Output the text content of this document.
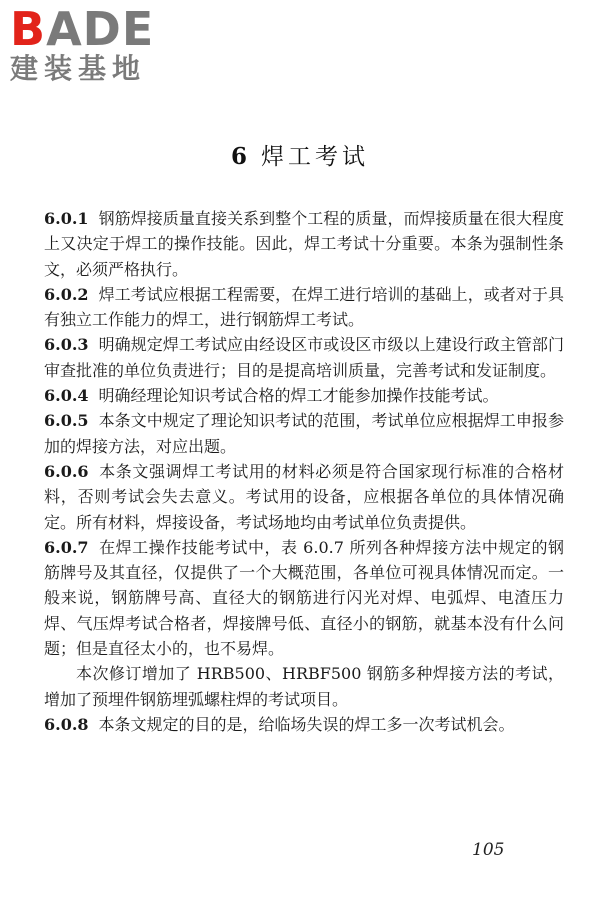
BADE
建装基地
6 焊工考试

6.0.1 钢筋焊接质量直接关系到整个工程的质量，而焊接质量在很大程度上又决定于焊工的操作技能。因此，焊工考试十分重要。本条为强制性条文，必须严格执行。

6.0.2 焊工考试应根据工程需要，在焊工进行培训的基础上，或者对于具有独立工作能力的焊工，进行钢筋焊工考试。

6.0.3 明确规定焊工考试应由经设区市或设区市级以上建设行政主管部门审查批准的单位负责进行；目的是提高培训质量，完善考试和发证制度。

6.0.4 明确经理论知识考试合格的焊工才能参加操作技能考试。

6.0.5 本条文中规定了理论知识考试的范围，考试单位应根据焊工申报参加的焊接方法，对应出题。

6.0.6 本条文强调焊工考试用的材料必须是符合国家现行标准的合格材料，否则考试会失去意义。考试用的设备，应根据各单位的具体情况确定。所有材料，焊接设备，考试场地均由考试单位负责提供。

6.0.7 在焊工操作技能考试中，表 6.0.7 所列各种焊接方法中规定的钢筋牌号及其直径，仅提供了一个大概范围，各单位可视具体情况而定。一般来说，钢筋牌号高、直径大的钢筋进行闪光对焊、电弧焊、电渣压力焊、气压焊考试合格者，焊接牌号低、直径小的钢筋，就基本没有什么问题；但是直径太小的，也不易焊。

本次修订增加了 HRB500、HRBF500 钢筋多种焊接方法的考试，增加了预埋件钢筋埋弧螺柱焊的考试项目。

6.0.8 本条文规定的目的是，给临场失误的焊工多一次考试机会。

105
